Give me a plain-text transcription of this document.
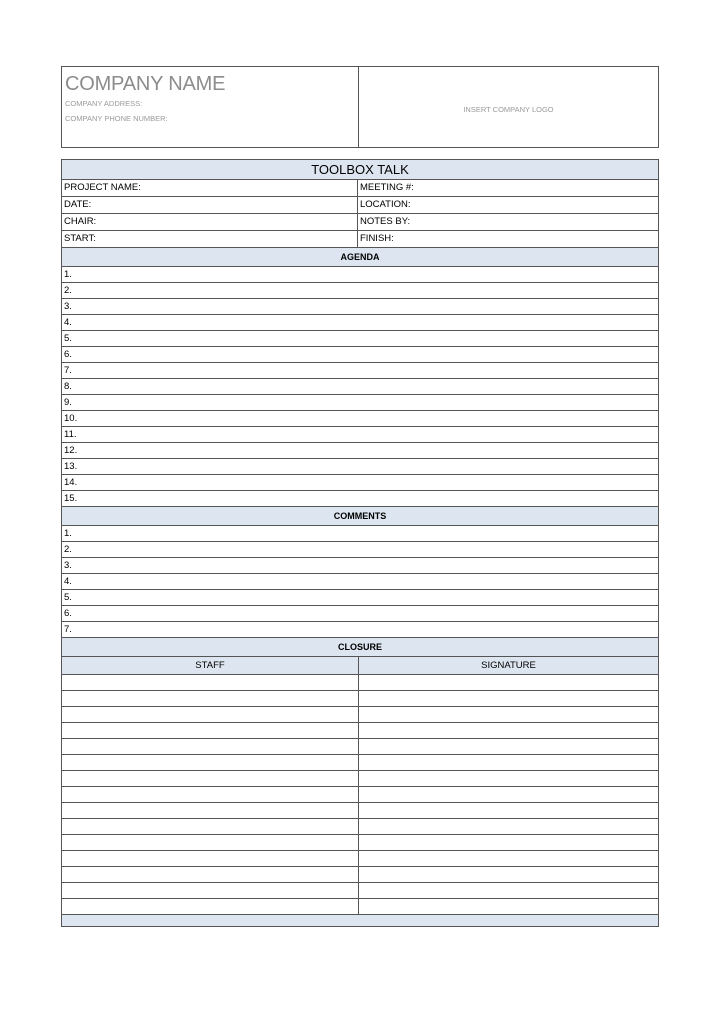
COMPANY NAME
COMPANY ADDRESS:
COMPANY PHONE NUMBER:
INSERT COMPANY LOGO
TOOLBOX TALK
PROJECT NAME:	MEETING #:
DATE:	LOCATION:
CHAIR:	NOTES BY:
START:	FINISH:
AGENDA
1.
2.
3.
4.
5.
6.
7.
8.
9.
10.
11.
12.
13.
14.
15.
COMMENTS
1.
2.
3.
4.
5.
6.
7.
CLOSURE
STAFF	SIGNATURE
